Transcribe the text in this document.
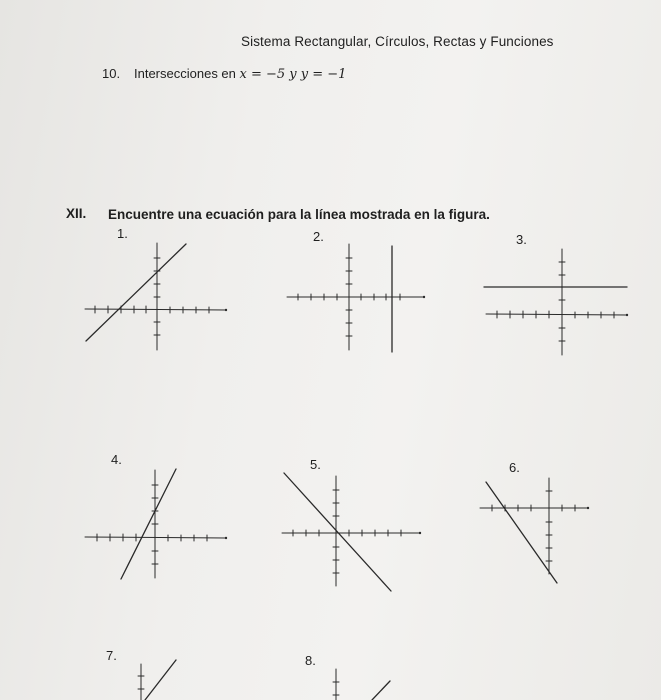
Sistema Rectangular, Círculos, Rectas y Funciones
10. Intersecciones en x = −5 y y = −1
XII. Encuentre una ecuación para la línea mostrada en la figura.
1.	2.	3.
4.	5.	6.
7.	8.
